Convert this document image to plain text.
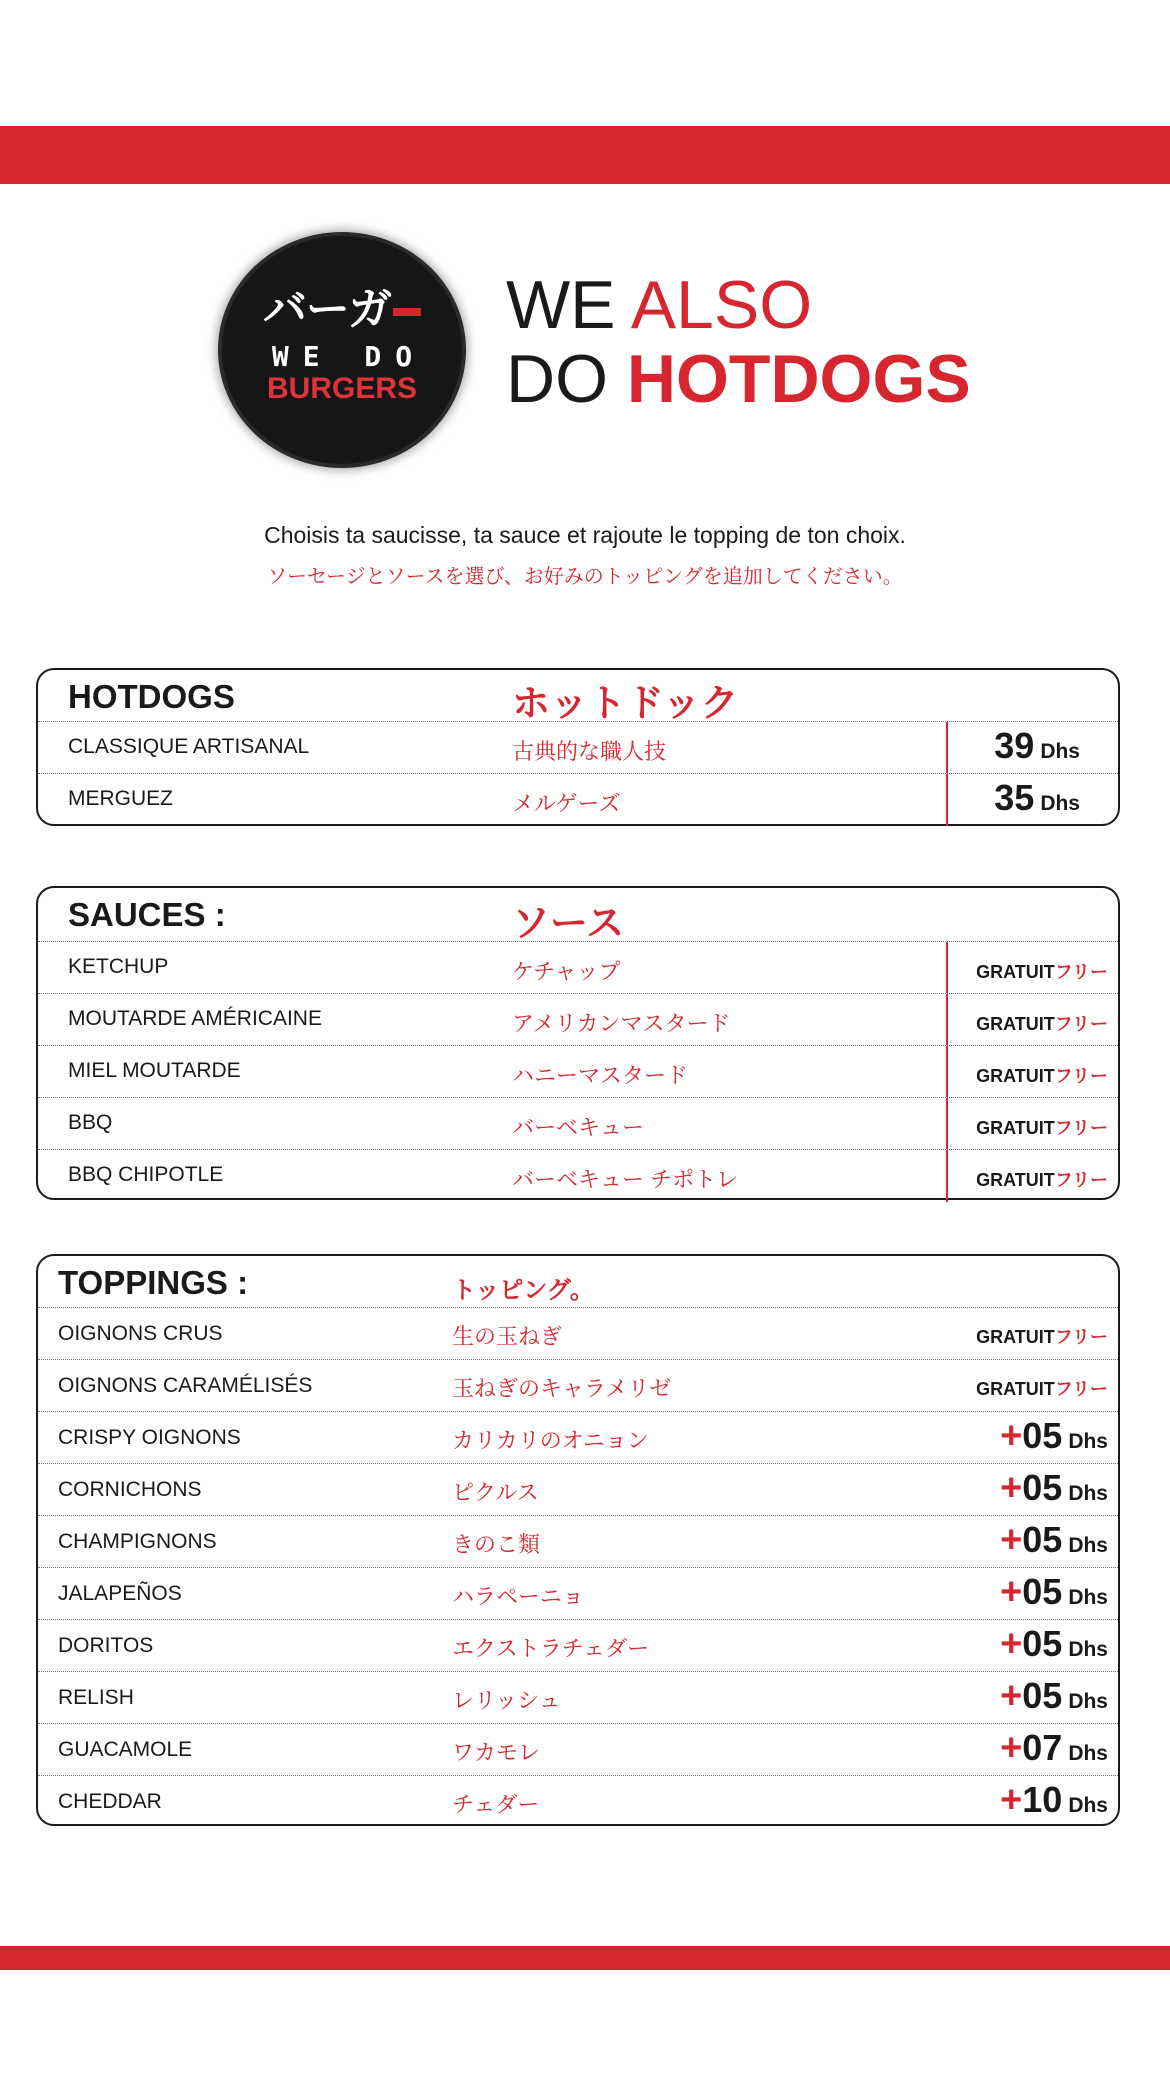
バーガ
WE DO
BURGERS
WE ALSO
DO HOTDOGS
Choisis ta saucisse, ta sauce et rajoute le topping de ton choix.
ソーセージとソースを選び、お好みのトッピングを追加してください。
HOTDOGS	ホットドック
CLASSIQUE ARTISANAL	古典的な職人技	39 Dhs
MERGUEZ	メルゲーズ	35 Dhs
SAUCES :	ソース
KETCHUP	ケチャップ	GRATUITフリー
MOUTARDE AMÉRICAINE	アメリカンマスタード	GRATUITフリー
MIEL MOUTARDE	ハニーマスタード	GRATUITフリー
BBQ	バーベキュー	GRATUITフリー
BBQ CHIPOTLE	バーベキュー チポトレ	GRATUITフリー
TOPPINGS :	トッピング。
OIGNONS CRUS	生の玉ねぎ	GRATUITフリー
OIGNONS CARAMÉLISÉS	玉ねぎのキャラメリゼ	GRATUITフリー
CRISPY OIGNONS	カリカリのオニョン	+05 Dhs
CORNICHONS	ピクルス	+05 Dhs
CHAMPIGNONS	きのこ類	+05 Dhs
JALAPEÑOS	ハラペーニョ	+05 Dhs
DORITOS	エクストラチェダー	+05 Dhs
RELISH	レリッシュ	+05 Dhs
GUACAMOLE	ワカモレ	+07 Dhs
CHEDDAR	チェダー	+10 Dhs
